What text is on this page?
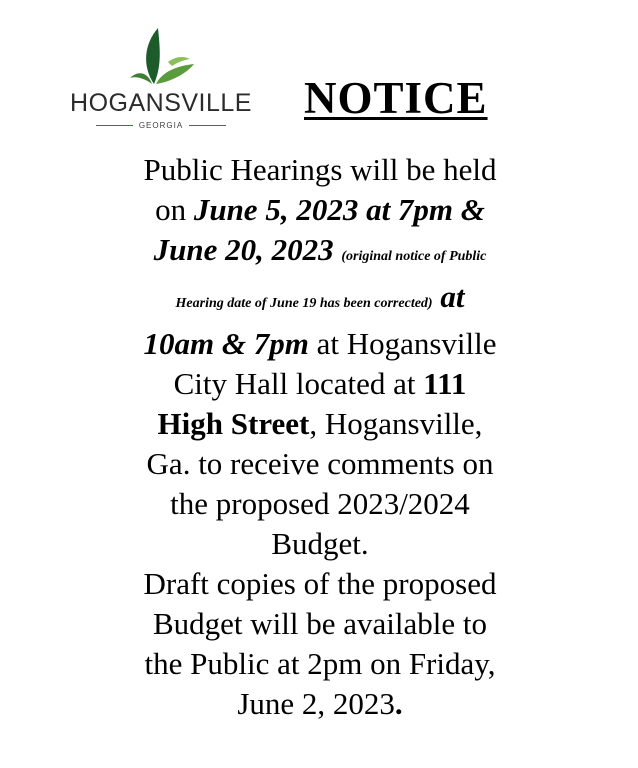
HOGANSVILLE
GEORGIA
NOTICE

Public Hearings will be held
on June 5, 2023 at 7pm &
June 20, 2023 (original notice of Public
Hearing date of June 19 has been corrected) at
10am & 7pm at Hogansville
City Hall located at 111
High Street, Hogansville,
Ga. to receive comments on
the proposed 2023/2024
Budget.
Draft copies of the proposed
Budget will be available to
the Public at 2pm on Friday,
June 2, 2023.
